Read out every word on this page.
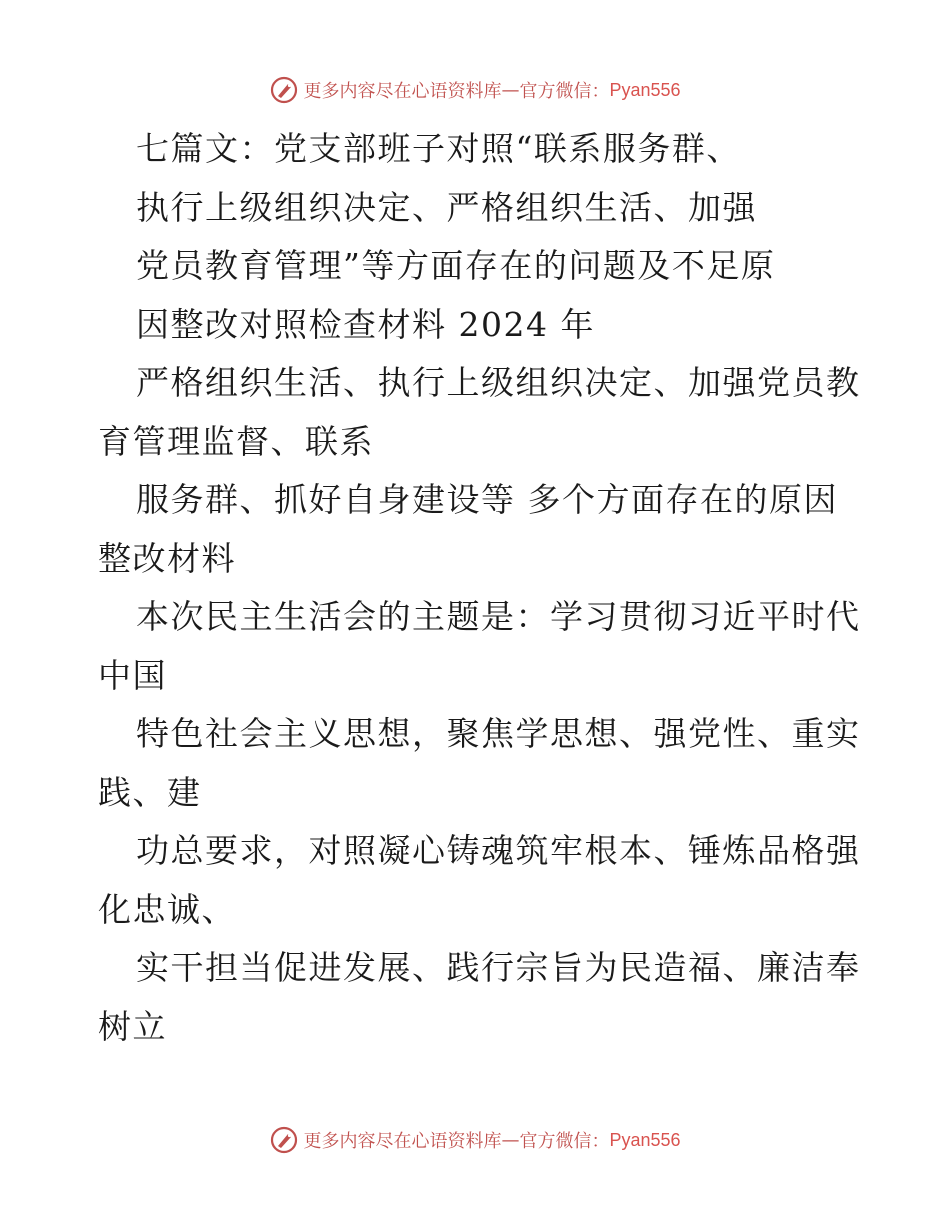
更多内容尽在心语资料库 — 官方微信： Pyan556
七篇文：党支部班子对照“联系服务群、
执行上级组织决定、严格组织生活、加强
党员教育管理”等方面存在的问题及不足原
因整改对照检查材料 2024 年
严格组织生活、执行上级组织决定、加强党员教
育管理监督、联系
服务群、抓好自身建设等 多个方面存在的原因
整改材料
本次民主生活会的主题是：学习贯彻习近平时代
中国
特色社会主义思想，聚焦学思想、强党性、重实
践、建
功总要求，对照凝心铸魂筑牢根本、锤炼品格强
化忠诚、
实干担当促进发展、践行宗旨为民造福、廉洁奉
树立
更多内容尽在心语资料库 — 官方微信： Pyan556
